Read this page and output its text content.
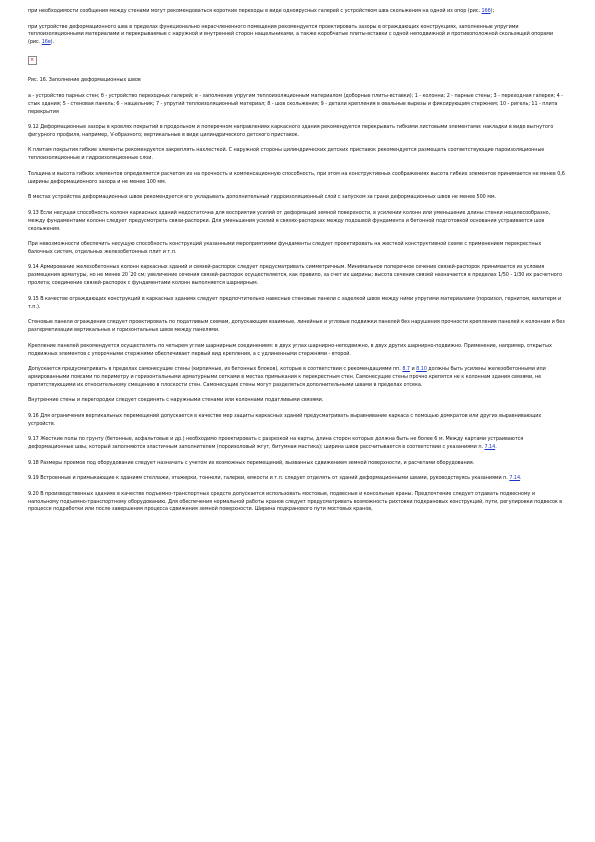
при необходимости сообщения между стенами могут рекомендоваться короткие переходы в виде одноярусных галерей с устройством шва скольжения на одной из опор (рис. 16б);

при устройстве деформационного шва в пределах функционально нерасчлененного помещения рекомендуется проектировать зазоры в ограждающих конструкциях, заполненные упругими теплоизоляционными материалами и перекрываемые с наружной и внутренней сторон нащельниками, а также коробчатые плиты-вставки с одной неподвижной и противоположной скользящей опорами (рис. 16в).

×

Рис. 16. Заполнение деформационных швов

а - устройство парных стен; б - устройство переходных галерей; в - заполнение упругим теплоизоляционным материалом (доборные плиты-вставки); 1 - колонна; 2 - парные стены; 3 - переходная галерея; 4 - стык здания; 5 - стеновая панель; 6 - нащельник; 7 - упругий теплоизоляционный материал; 8 - шов скольжения; 9 - детали крепления в овальные вырезы и фиксирующим стержнем; 10 - ригель; 11 - плита перекрытия

9.12 Деформационные зазоры в кровлях покрытий в продольном и поперечном направлениях каркасного здания рекомендуется перекрывать гибкими листовыми элементами: накладки в виде выгнутого фигурного профиля, например, V-образного; вертикальные в виде цилиндрического детского приставок.

К плитам покрытия гибкие элементы рекомендуется закреплять нахлесткой. С наружной стороны цилиндрических детских приставок рекомендуется размещать соответствующие пароизоляционные теплоизоляционные и гидроизоляционные слои.

Толщина и высота гибких элементов определяется расчетом их на прочность и компенсационную способность, при этом на конструктивных соображениях высота гибких элементов принимается не менее 0,6 ширины деформационного зазора и не менее 100 мм.

В местах устройства деформационных швов рекомендуется его укладывать дополнительный гидроизоляционный слой с запуском за грани деформационных швов не менее 500 мм.

9.13 Если несущая способность колонн каркасных зданий недостаточна для восприятия усилий от деформаций земной поверхности, в усилении колонн или уменьшение длины стенки нецелесообразно, между фундаментами колонн следует предусмотреть связи-распорки. Для уменьшения усилий в связях-распорках между подошвой фундамента и бетонной подготовкой основания устраивается шов скольжения.

При невозможности обеспечить несущую способность конструкций указанными мероприятиями фундаменты следует проектировать на жесткой конструктивной схеме с применением перекрестных балочных систем, отдельных железобетонных плит и т.п.

9.14 Армирование железобетонных колонн каркасных зданий и связей-распорок следует предусматривать симметричным. Минимальное поперечное сечение связей-распорок принимается из условия размещения арматуры, но не менее 20´20 см; увеличение сечения связей-распорок осуществляется, как правило, за счет их ширины; высота сечения связей назначается в пределах 1/50 - 1/30 их расчетного пролета; соединение связей-распорок с фундаментами колонн выполняется шарнирным.

9.15 В качестве ограждающих конструкций в каркасных зданиях следует предпочтительно навесные стеновые панели с заделкой швов между ними упругими материалами (пороизол, гернитом, вилатерм и т.п.).

Стеновые панели ограждения следует проектировать по податливым схемам, допускающим взаимные, линейные и угловые подвижки панелей без нарушения прочности крепления панелей к колоннам и без разгерметизации вертикальных и горизонтальных швов между панелями.

Крепление панелей рекомендуется осуществлять по четырем углам шарнирным соединением: в двух углах шарнирно-неподвижно, в двух других шарнирно-подвижно. Применение, например, открытых подвижных элементов с упорочными стержнями обеспечивает первый вид крепления, а с удлиненными стержнями - второй.

Допускается предусматривать в пределах самонесущие стены (кирпичные, из бетонных блоков), которые в соответствии с рекомендациями пп. 8.7 и 8.10 должны быть усилены железобетонными или армированными поясами по периметру и горизонтальными арматурными сетками в местах примыкания к перекрестным стен. Самонесущие стены прочно крепятся не к колоннам здания связями, не препятствующими их относительному смещению в плоскости стен. Самонесущие стены могут разделяться дополнительными швами в пределах отсека.

Внутренние стены и перегородки следует соединять с наружными стенами или колоннами податливыми связями.

9.16 Для ограничения вертикальных перемещений допускается в качестве мер защиты каркасных зданий предусматривать выравнивание каркаса с помощью домкратов или других выравнивающих устройств.

9.17 Жесткие полы по грунту (бетонные, асфальтовые и др.) необходимо проектировать с разрезкой на карты, длина сторон которых должна быть не более 6 м. Между картами устраиваются деформационные швы, который заполняются эластичным заполнителем (пороизоловый жгут, битумная мастика); ширина швов рассчитывается в соответствии с указаниями п. 7.14.

9.18 Размеры проемов под оборудование следует назначать с учетом их возможных перемещений, вызванных сдвижением земной поверхности, и расчетами оборудования.

9.19 Встроенные и примыкающие к зданиям стеллажи, этажерки, тоннели, галереи, емкости и т.п. следует отделять от зданий деформационными швами, руководствуясь указаниями п. 7.14.

9.20 В производственных зданиях в качестве подъемно-транспортных средств допускается использовать мостовые, подвесные и консольные краны. Предпочтение следует отдавать подвесному и напольному подъемно-транспортному оборудованию. Для обеспечения нормальной работы кранов следует предусматривать возможность рихтовки подкрановых конструкций, пути, регулировки подвесок в процессе подработки или после завершения процесса сдвижения земной поверхности. Ширина подкранового пути мостовых кранов,
